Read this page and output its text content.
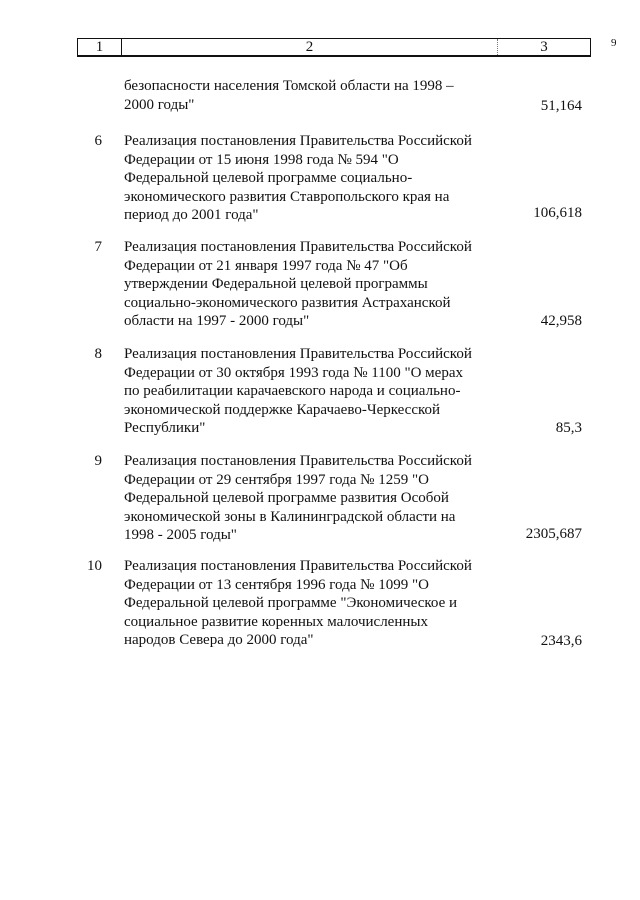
9
1	2	3
безопасности населения Томской области на 1998 –
2000 годы"	51,164
6 Реализация постановления Правительства Российской
Федерации от 15 июня 1998 года № 594 "О
Федеральной целевой программе социально-
экономического развития Ставропольского края на
период до 2001 года"	106,618
7 Реализация постановления Правительства Российской
Федерации от 21 января 1997 года № 47 "Об
утверждении Федеральной целевой программы
социально-экономического развития Астраханской
области на 1997 - 2000 годы"	42,958
8 Реализация постановления Правительства Российской
Федерации от 30 октября 1993 года № 1100 "О мерах
по реабилитации карачаевского народа и социально-
экономической поддержке Карачаево-Черкесской
Республики"	85,3
9 Реализация постановления Правительства Российской
Федерации от 29 сентября 1997 года № 1259 "О
Федеральной целевой программе развития Особой
экономической зоны в Калининградской области на
1998 - 2005 годы"	2305,687
10 Реализация постановления Правительства Российской
Федерации от 13 сентября 1996 года № 1099 "О
Федеральной целевой программе "Экономическое и
социальное развитие коренных малочисленных
народов Севера до 2000 года"	2343,6
